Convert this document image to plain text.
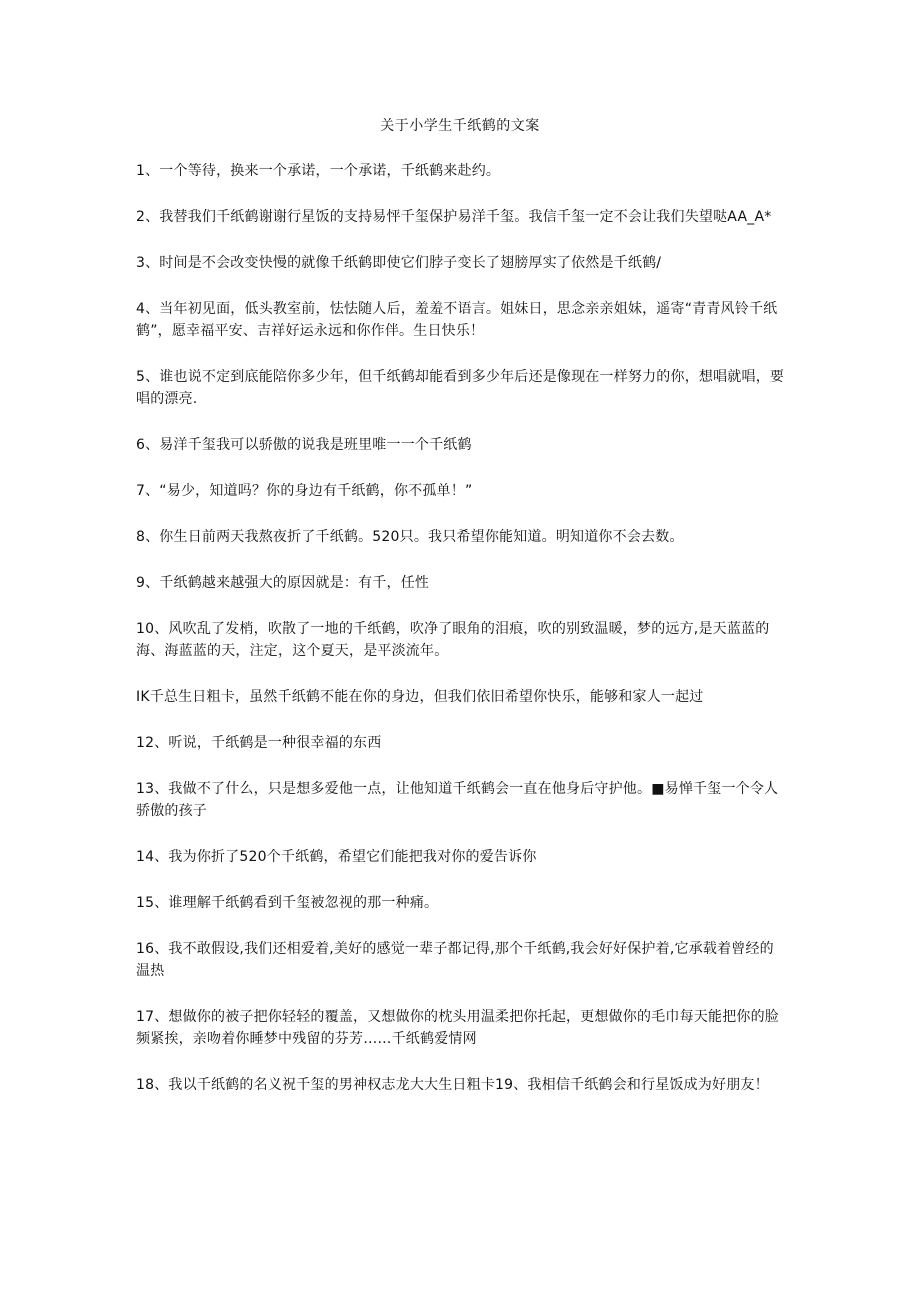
关于小学生千纸鹤的文案
1、一个等待，换来一个承诺，一个承诺，千纸鹤来赴约。
2、我替我们千纸鹤谢谢行星饭的支持易怦千玺保护易洋千玺。我信千玺一定不会让我们失望哒AA_A*
3、时间是不会改变快慢的就像千纸鹤即使它们脖子变长了翅膀厚实了依然是千纸鹤/
4、当年初见面，低头教室前，怯怯随人后，羞羞不语言。姐妹日，思念亲亲姐妹，遥寄“青青风铃千纸鹤”，愿幸福平安、吉祥好运永远和你作伴。生日快乐！
5、谁也说不定到底能陪你多少年，但千纸鹤却能看到多少年后还是像现在一样努力的你，想唱就唱，要唱的漂亮.
6、易洋千玺我可以骄傲的说我是班里唯一一个千纸鹤
7、“易少，知道吗？你的身边有千纸鹤，你不孤单！”
8、你生日前两天我熬夜折了千纸鹤。520只。我只希望你能知道。明知道你不会去数。
9、千纸鹤越来越强大的原因就是：有千，任性
10、风吹乱了发梢，吹散了一地的千纸鹤，吹净了眼角的泪痕，吹的别致温暖，梦的远方,是天蓝蓝的海、海蓝蓝的天，注定，这个夏天，是平淡流年。
IK千总生日粗卡，虽然千纸鹤不能在你的身边，但我们依旧希望你快乐，能够和家人一起过
12、听说，千纸鹤是一种很幸福的东西
13、我做不了什么，只是想多爱他一点，让他知道千纸鹤会一直在他身后守护他。■易惮千玺一个令人骄傲的孩子
14、我为你折了520个千纸鹤，希望它们能把我对你的爱告诉你
15、谁理解千纸鹤看到千玺被忽视的那一种痛。
16、我不敢假设,我们还相爱着,美好的感觉一辈子都记得,那个千纸鹤,我会好好保护着,它承载着曾经的温热
17、想做你的被子把你轻轻的覆盖，又想做你的枕头用温柔把你托起，更想做你的毛巾每天能把你的脸频紧挨，亲吻着你睡梦中残留的芬芳……千纸鹤爱情网
18、我以千纸鹤的名义祝千玺的男神权志龙大大生日粗卡19、我相信千纸鹤会和行星饭成为好朋友！
